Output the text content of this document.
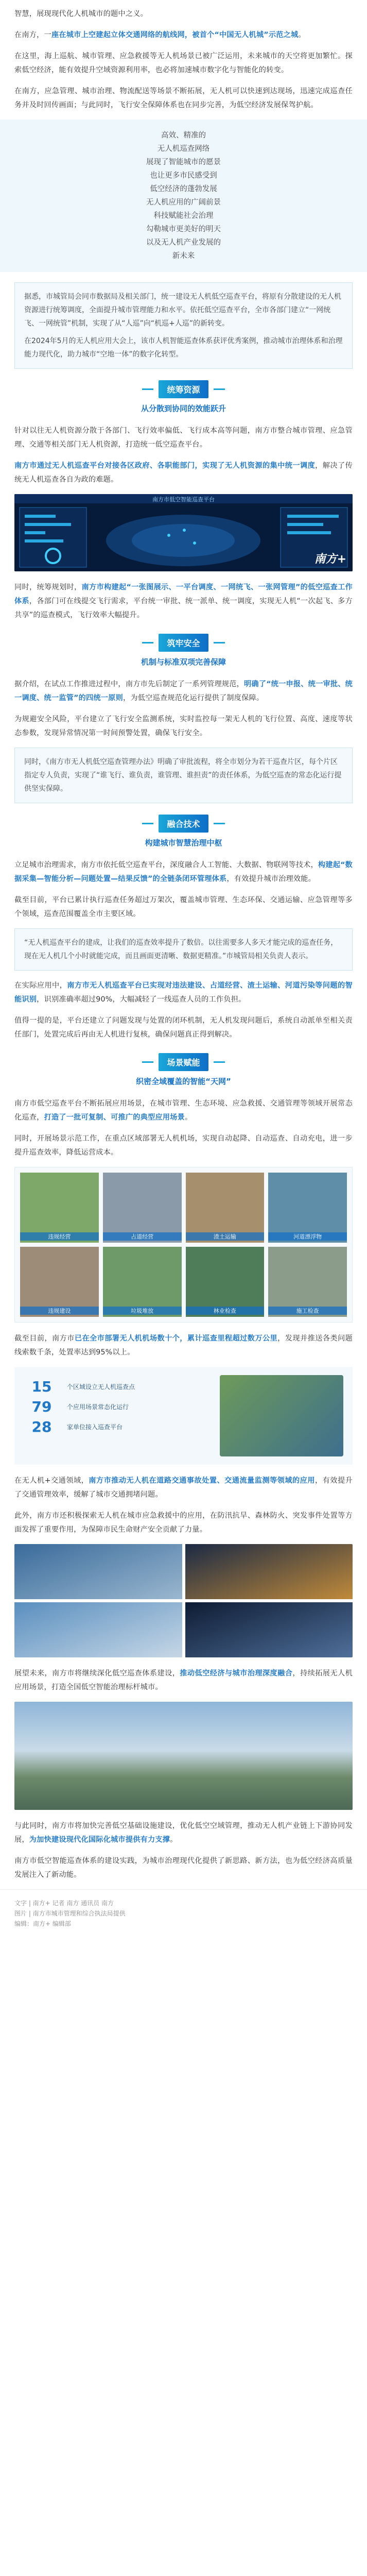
智慧，展现现代化人机城市的题中之义。

在南方，一座在城市上空建起立体交通网络的航线网，被首个“中国无人机城”示范之城。

在这里，海上巡航、城市管理、应急救援等无人机场景已被广泛运用，未来城市的天空将更加繁忙。探索低空经济，能有效提升空域资源利用率，也必将加速城市数字化与智能化的转变。

在南方，应急管理、城市治理、物流配送等场景不断拓展，无人机可以快速到达现场，迅速完成巡查任务并及时回传画面；与此同时，飞行安全保障体系也在同步完善，为低空经济发展保驾护航。

高效、精准的
无人机巡查网络
展现了智能城市的愿景
也让更多市民感受到
低空经济的蓬勃发展
无人机应用的广阔前景
科技赋能社会治理
勾勒城市更美好的明天
以及无人机产业发展的
新未来
据悉，市城管局会同市数据局及相关部门，统一建设无人机低空巡查平台，将原有分散建设的无人机资源进行统筹调度，全面提升城市管理能力和水平。依托低空巡查平台，全市各部门建立“一网统飞、一网统管”机制，实现了从“人巡”向“机巡+人巡”的新转变。
在2024年5月的无人机应用大会上，该市人机智能巡查体系获评优秀案例，推动城市治理体系和治理能力现代化，助力城市“空地一体”的数字化转型。
统筹资源
从分散到协同的效能跃升

针对以往无人机资源分散于各部门、飞行效率偏低、飞行成本高等问题，南方市整合城市管理、应急管理、交通等相关部门无人机资源，打造统一低空巡查平台。

南方市通过无人机巡查平台对接各区政府、各职能部门，实现了无人机资源的集中统一调度，解决了传统无人机巡查各自为政的难题。

南方市低空智能巡查平台
南方+

同时，统筹规划时，南方市构建起“一张图展示、一平台调度、一网统飞、一张网管理”的低空巡查工作体系，各部门可在线提交飞行需求，平台统一审批、统一派单、统一调度，实现无人机“一次起飞、多方共享”的巡查模式，飞行效率大幅提升。

筑牢安全
机制与标准双项完善保障

据介绍，在试点工作推进过程中，南方市先后制定了一系列管理规范，明确了“统一申报、统一审批、统一调度、统一监管”的四统一原则，为低空巡查规范化运行提供了制度保障。

为规避安全风险，平台建立了飞行安全监测系统，实时监控每一架无人机的飞行位置、高度、速度等状态参数，发现异常情况第一时间预警处置，确保飞行安全。

同时，《南方市无人机低空巡查管理办法》明确了审批流程，将全市划分为若干巡查片区，每个片区指定专人负责，实现了“谁飞行、谁负责，谁管理、谁担责”的责任体系，为低空巡查的常态化运行提供坚实保障。
融合技术
构建城市智慧治理中枢

立足城市治理需求，南方市依托低空巡查平台，深度融合人工智能、大数据、物联网等技术，构建起“数据采集—智能分析—问题处置—结果反馈”的全链条闭环管理体系，有效提升城市治理效能。

截至目前，平台已累计执行巡查任务超过万架次，覆盖城市管理、生态环保、交通运输、应急管理等多个领域，巡查范围覆盖全市主要区域。

“无人机巡查平台的建成，让我们的巡查效率提升了数倍。以往需要多人多天才能完成的巡查任务，现在无人机几个小时就能完成，而且画面更清晰、数据更精准。”市城管局相关负责人表示。

在实际应用中，南方市无人机巡查平台已实现对违法建设、占道经营、渣土运输、河道污染等问题的智能识别，识别准确率超过90%，大幅减轻了一线巡查人员的工作负担。

值得一提的是，平台还建立了问题发现与处置的闭环机制，无人机发现问题后，系统自动派单至相关责任部门，处置完成后再由无人机进行复核，确保问题真正得到解决。

场景赋能
织密全域覆盖的智能“天网”

南方市低空巡查平台不断拓展应用场景，在城市管理、生态环境、应急救援、交通管理等领域开展常态化巡查，打造了一批可复制、可推广的典型应用场景。

同时，开展场景示范工作，在重点区域部署无人机机场，实现自动起降、自动巡查、自动充电，进一步提升巡查效率，降低运营成本。

违规经营	占道经营	渣土运输	河道漂浮物
违规建设	垃圾堆放	林业检查	施工检查

截至目前，南方市已在全市部署无人机机场数十个，累计巡查里程超过数万公里，发现并推送各类问题线索数千条，处置率达到95%以上。

15	个区域设立无人机巡查点
79	个应用场景常态化运行
28	家单位接入巡查平台

在无人机+交通领域，南方市推动无人机在道路交通事故处置、交通流量监测等领域的应用，有效提升了交通管理效率，缓解了城市交通拥堵问题。

此外，南方市还积极探索无人机在城市应急救援中的应用，在防汛抗旱、森林防火、突发事件处置等方面发挥了重要作用，为保障市民生命财产安全贡献了力量。

展望未来，南方市将继续深化低空巡查体系建设，推动低空经济与城市治理深度融合，持续拓展无人机应用场景，打造全国低空智能治理标杆城市。

与此同时，南方市将加快完善低空基础设施建设，优化低空空域管理，推动无人机产业链上下游协同发展，为加快建设现代化国际化城市提供有力支撑。

南方市低空智能巡查体系的建设实践，为城市治理现代化提供了新思路、新方法，也为低空经济高质量发展注入了新动能。

文字 | 南方+ 记者 南方 通讯员 南方
图片 | 南方市城市管理和综合执法局提供
编辑：南方+ 编辑部
